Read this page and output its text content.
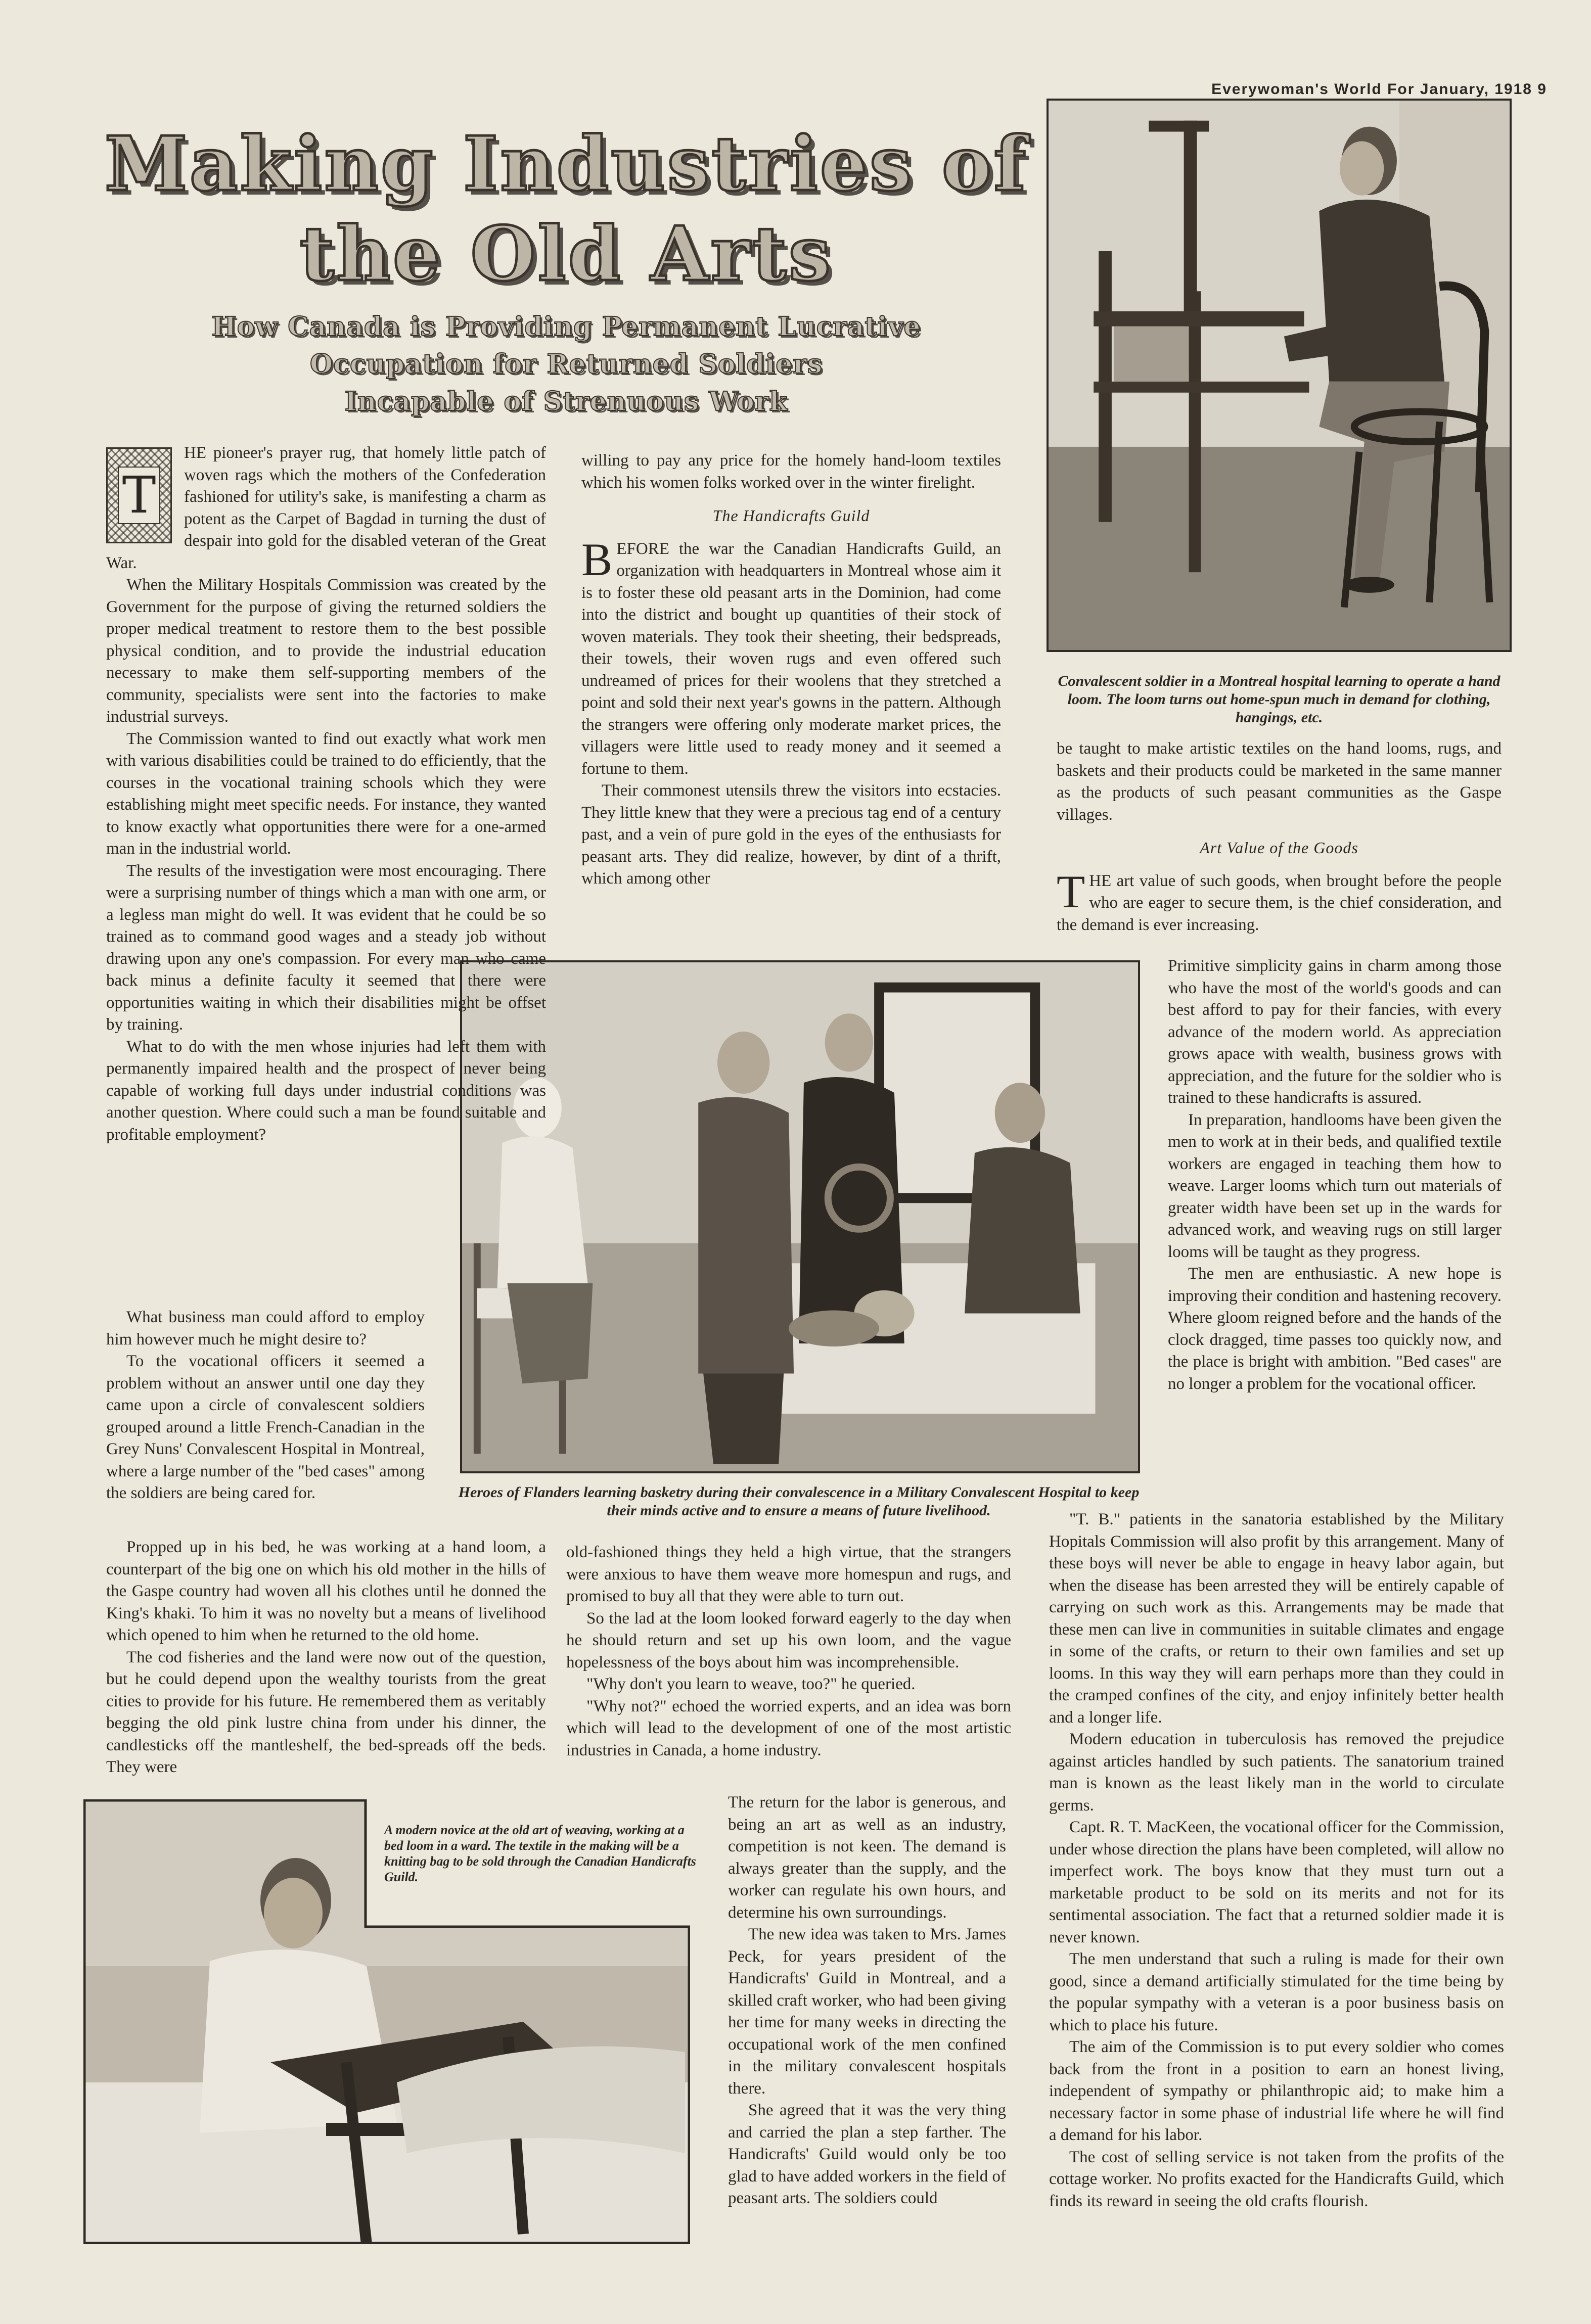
Everywoman's World For January, 1918 9
Making Industries of
the Old Arts
How Canada is Providing Permanent Lucrative
Occupation for Returned Soldiers
Incapable of Strenuous Work
Convalescent soldier in a Montreal hospital learning to operate a hand loom. The loom turns out home-spun much in demand for clothing, hangings, etc.
Heroes of Flanders learning basketry during their convalescence in a Military Convalescent Hospital to keep their minds active and to ensure a means of future livelihood.
A modern novice at the old art of weaving, working at a bed loom in a ward. The textile in the making will be a knitting bag to be sold through the Canadian Handicrafts Guild.
T

HE pioneer's prayer rug, that homely little patch of woven rags which the mothers of the Confederation fashioned for utility's sake, is manifesting a charm as potent as the Carpet of Bagdad in turning the dust of despair into gold for the disabled veteran of the Great War.

When the Military Hospitals Commission was created by the Government for the purpose of giving the returned soldiers the proper medical treatment to restore them to the best possible physical condition, and to provide the industrial education necessary to make them self-supporting members of the community, specialists were sent into the factories to make industrial surveys.

The Commission wanted to find out exactly what work men with various disabilities could be trained to do efficiently, that the courses in the vocational training schools which they were establishing might meet specific needs. For instance, they wanted to know exactly what opportunities there were for a one-armed man in the industrial world.

The results of the investigation were most encouraging. There were a surprising number of things which a man with one arm, or a legless man might do well. It was evident that he could be so trained as to command good wages and a steady job without drawing upon any one's compassion. For every man who came back minus a definite faculty it seemed that there were opportunities waiting in which their disabilities might be offset by training.

What to do with the men whose injuries had left them with permanently impaired health and the prospect of never being capable of working full days under industrial conditions was another question. Where could such a man be found suitable and profitable employment?

What business man could afford to employ him however much he might desire to?

To the vocational officers it seemed a problem without an answer until one day they came upon a circle of convalescent soldiers grouped around a little French-Canadian in the Grey Nuns' Convalescent Hospital in Montreal, where a large number of the "bed cases" among the soldiers are being cared for.

Propped up in his bed, he was working at a hand loom, a counterpart of the big one on which his old mother in the hills of the Gaspe country had woven all his clothes until he donned the King's khaki. To him it was no novelty but a means of livelihood which opened to him when he returned to the old home.

The cod fisheries and the land were now out of the question, but he could depend upon the wealthy tourists from the great cities to provide for his future. He remembered them as veritably begging the old pink lustre china from under his dinner, the candlesticks off the mantleshelf, the bed-spreads off the beds. They were

willing to pay any price for the homely hand-loom textiles which his women folks worked over in the winter firelight.

The Handicrafts Guild

BEFORE the war the Canadian Handicrafts Guild, an organization with headquarters in Montreal whose aim it is to foster these old peasant arts in the Dominion, had come into the district and bought up quantities of their stock of woven materials. They took their sheeting, their bedspreads, their towels, their woven rugs and even offered such undreamed of prices for their woolens that they stretched a point and sold their next year's gowns in the pattern. Although the strangers were offering only moderate market prices, the villagers were little used to ready money and it seemed a fortune to them.

Their commonest utensils threw the visitors into ecstacies. They little knew that they were a precious tag end of a century past, and a vein of pure gold in the eyes of the enthusiasts for peasant arts. They did realize, however, by dint of a thrift, which among other

old-fashioned things they held a high virtue, that the strangers were anxious to have them weave more homespun and rugs, and promised to buy all that they were able to turn out.

So the lad at the loom looked forward eagerly to the day when he should return and set up his own loom, and the vague hopelessness of the boys about him was incomprehensible.

"Why don't you learn to weave, too?" he queried.

"Why not?" echoed the worried experts, and an idea was born which will lead to the development of one of the most artistic industries in Canada, a home industry.

The return for the labor is generous, and being an art as well as an industry, competition is not keen. The demand is always greater than the supply, and the worker can regulate his own hours, and determine his own surroundings.

The new idea was taken to Mrs. James Peck, for years president of the Handicrafts' Guild in Montreal, and a skilled craft worker, who had been giving her time for many weeks in directing the occupational work of the men confined in the military convalescent hospitals there.

She agreed that it was the very thing and carried the plan a step farther. The Handicrafts' Guild would only be too glad to have added workers in the field of peasant arts. The soldiers could

be taught to make artistic textiles on the hand looms, rugs, and baskets and their products could be marketed in the same manner as the products of such peasant communities as the Gaspe villages.

Art Value of the Goods

THE art value of such goods, when brought before the people who are eager to secure them, is the chief consideration, and the demand is ever increasing.

Primitive simplicity gains in charm among those who have the most of the world's goods and can best afford to pay for their fancies, with every advance of the modern world. As appreciation grows apace with wealth, business grows with appreciation, and the future for the soldier who is trained to these handicrafts is assured.

In preparation, handlooms have been given the men to work at in their beds, and qualified textile workers are engaged in teaching them how to weave. Larger looms which turn out materials of greater width have been set up in the wards for advanced work, and weaving rugs on still larger looms will be taught as they progress.

The men are enthusiastic. A new hope is improving their condition and hastening recovery. Where gloom reigned before and the hands of the clock dragged, time passes too quickly now, and the place is bright with ambition. "Bed cases" are no longer a problem for the vocational officer.

"T. B." patients in the sanatoria established by the Military Hopitals Commission will also profit by this arrangement. Many of these boys will never be able to engage in heavy labor again, but when the disease has been arrested they will be entirely capable of carrying on such work as this. Arrangements may be made that these men can live in communities in suitable climates and engage in some of the crafts, or return to their own families and set up looms. In this way they will earn perhaps more than they could in the cramped confines of the city, and enjoy infinitely better health and a longer life.

Modern education in tuberculosis has removed the prejudice against articles handled by such patients. The sanatorium trained man is known as the least likely man in the world to circulate germs.

Capt. R. T. MacKeen, the vocational officer for the Commission, under whose direction the plans have been completed, will allow no imperfect work. The boys know that they must turn out a marketable product to be sold on its merits and not for its sentimental association. The fact that a returned soldier made it is never known.

The men understand that such a ruling is made for their own good, since a demand artificially stimulated for the time being by the popular sympathy with a veteran is a poor business basis on which to place his future.

The aim of the Commission is to put every soldier who comes back from the front in a position to earn an honest living, independent of sympathy or philanthropic aid; to make him a necessary factor in some phase of industrial life where he will find a demand for his labor.

The cost of selling service is not taken from the profits of the cottage worker. No profits exacted for the Handicrafts Guild, which finds its reward in seeing the old crafts flourish.
